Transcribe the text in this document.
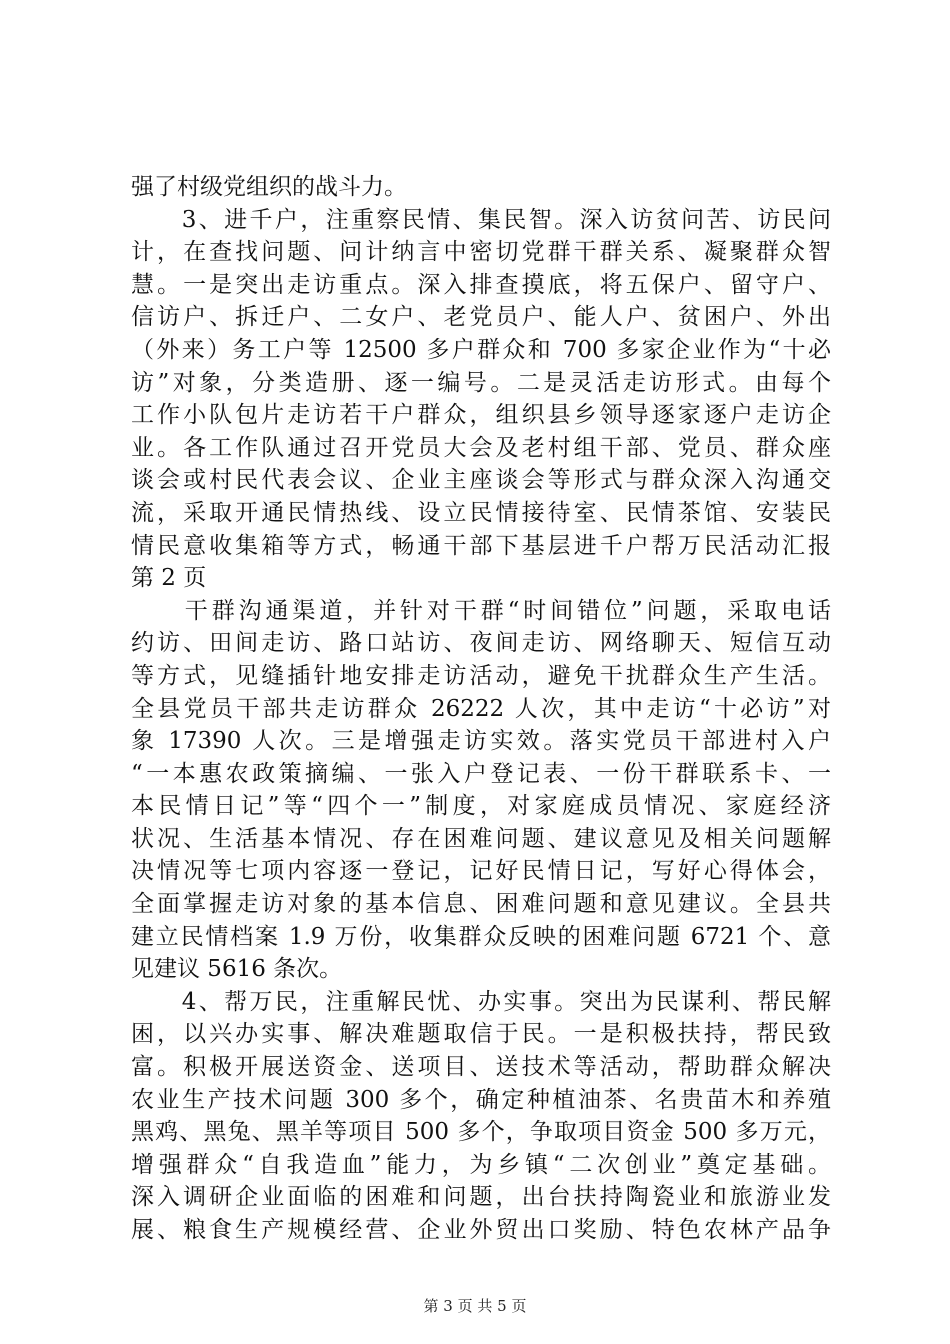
强了村级党组织的战斗力。
　　3、进千户，注重察民情、集民智。深入访贫问苦、访民问
计，在查找问题、问计纳言中密切党群干群关系、凝聚群众智
慧。一是突出走访重点。深入排查摸底，将五保户、留守户、
信访户、拆迁户、二女户、老党员户、能人户、贫困户、外出
（外来）务工户等 12500 多户群众和 700 多家企业作为“十必
访”对象，分类造册、逐一编号。二是灵活走访形式。由每个
工作小队包片走访若干户群众，组织县乡领导逐家逐户走访企
业。各工作队通过召开党员大会及老村组干部、党员、群众座
谈会或村民代表会议、企业主座谈会等形式与群众深入沟通交
流，采取开通民情热线、设立民情接待室、民情茶馆、安装民
情民意收集箱等方式，畅通干部下基层进千户帮万民活动汇报
第 2 页
　　干群沟通渠道，并针对干群“时间错位”问题，采取电话
约访、田间走访、路口站访、夜间走访、网络聊天、短信互动
等方式，见缝插针地安排走访活动，避免干扰群众生产生活。
全县党员干部共走访群众 26222 人次，其中走访“十必访”对
象 17390 人次。三是增强走访实效。落实党员干部进村入户
“一本惠农政策摘编、一张入户登记表、一份干群联系卡、一
本民情日记”等“四个一”制度，对家庭成员情况、家庭经济
状况、生活基本情况、存在困难问题、建议意见及相关问题解
决情况等七项内容逐一登记，记好民情日记，写好心得体会，
全面掌握走访对象的基本信息、困难问题和意见建议。全县共
建立民情档案 1.9 万份，收集群众反映的困难问题 6721 个、意
见建议 5616 条次。
　　4、帮万民，注重解民忧、办实事。突出为民谋利、帮民解
困，以兴办实事、解决难题取信于民。一是积极扶持，帮民致
富。积极开展送资金、送项目、送技术等活动，帮助群众解决
农业生产技术问题 300 多个，确定种植油茶、名贵苗木和养殖
黑鸡、黑兔、黑羊等项目 500 多个，争取项目资金 500 多万元，
增强群众“自我造血”能力，为乡镇“二次创业”奠定基础。
深入调研企业面临的困难和问题，出台扶持陶瓷业和旅游业发
展、粮食生产规模经营、企业外贸出口奖励、特色农林产品争
第 3 页 共 5 页
